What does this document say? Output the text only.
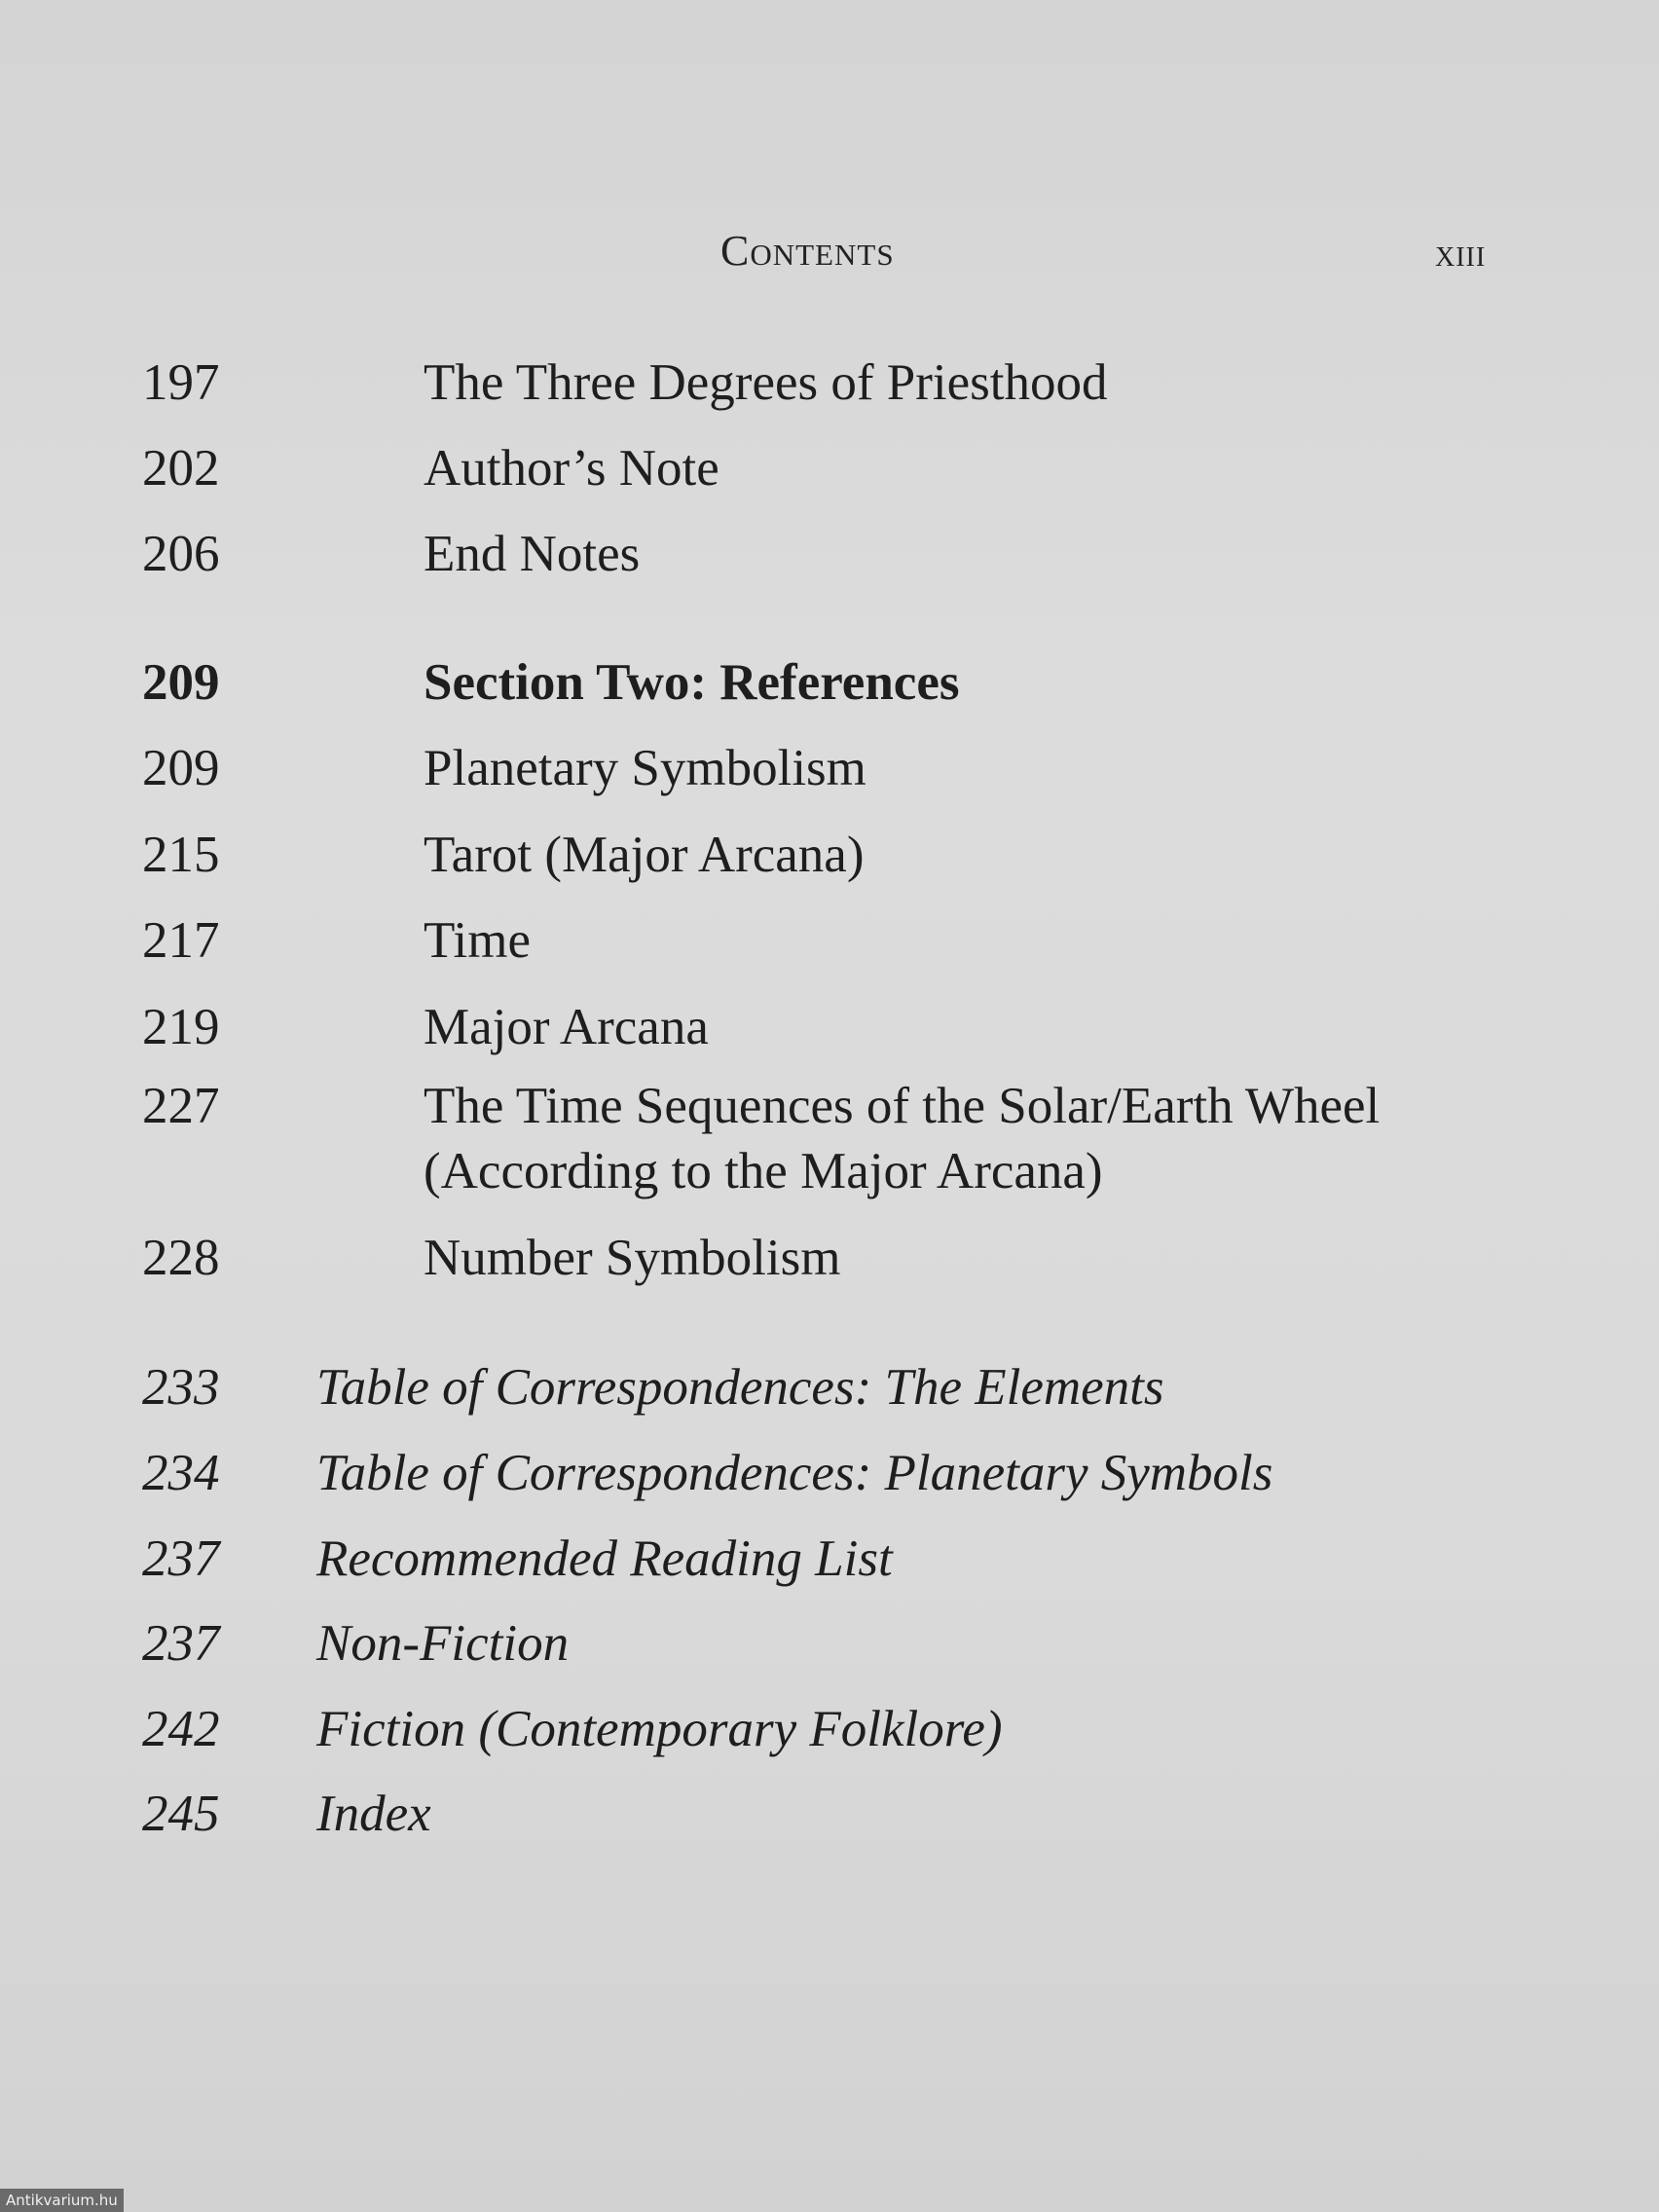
Contents	xiii
197	The Three Degrees of Priesthood
202	Author’s Note
206	End Notes
209	Section Two: References
209	Planetary Symbolism
215	Tarot (Major Arcana)
217	Time
219	Major Arcana
227	The Time Sequences of the Solar/Earth Wheel
(According to the Major Arcana)
228	Number Symbolism
233 Table of Correspondences: The Elements
234 Table of Correspondences: Planetary Symbols
237 Recommended Reading List
237 Non-Fiction
242 Fiction (Contemporary Folklore)
245 Index
Antikvarium.hu
